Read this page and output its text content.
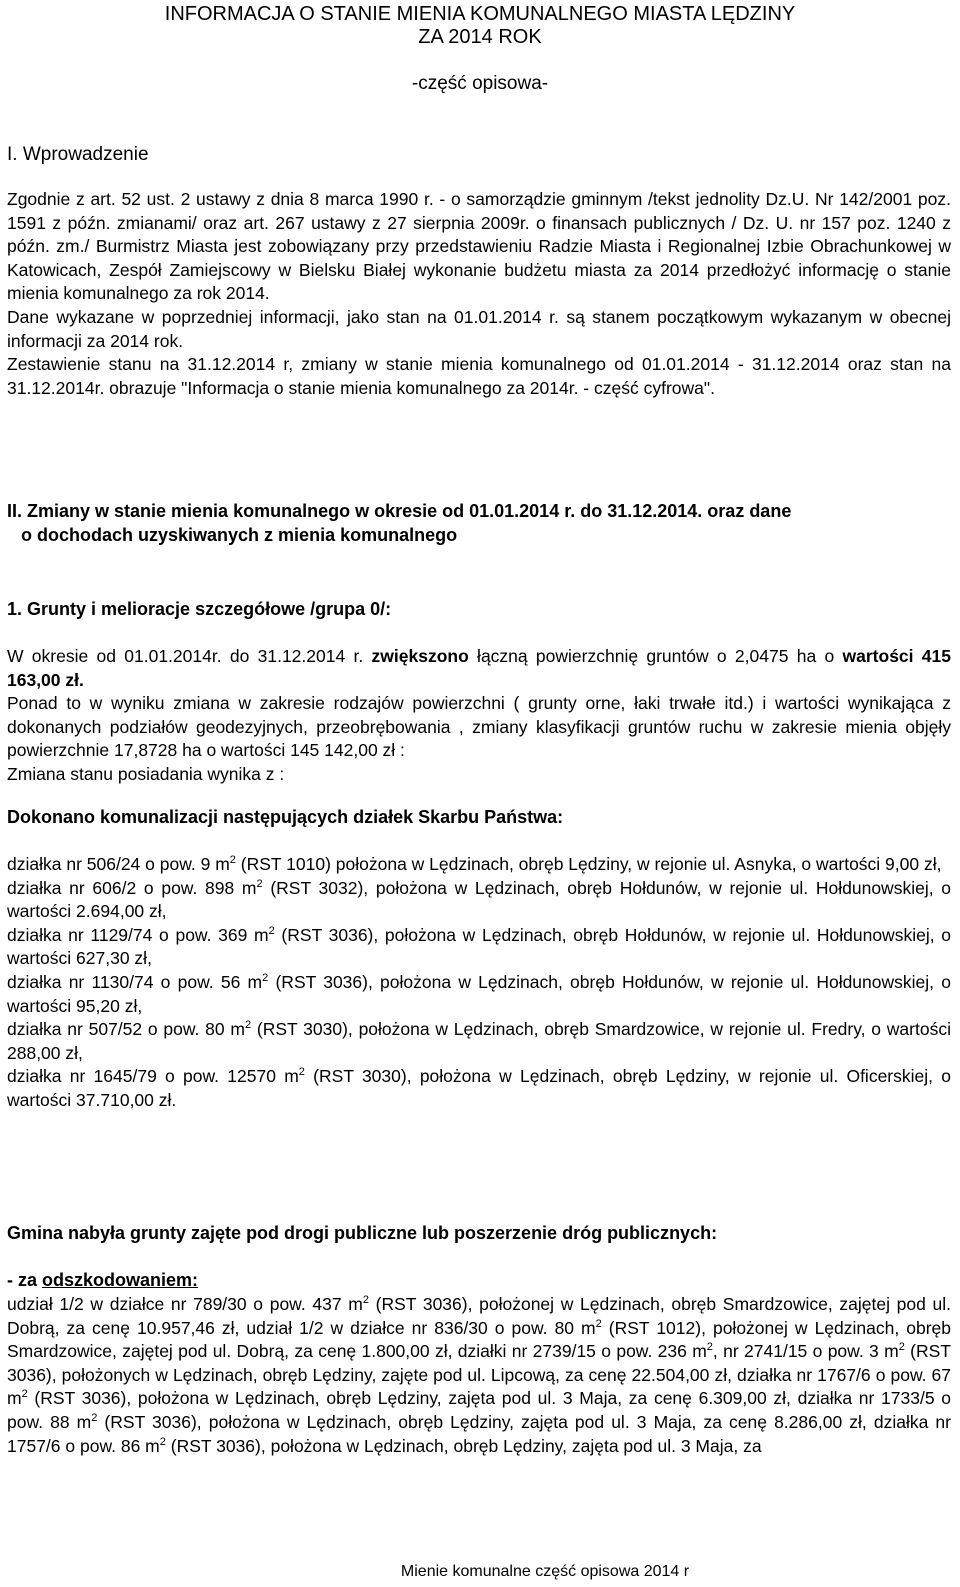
INFORMACJA O STANIE MIENIA KOMUNALNEGO MIASTA LĘDZINY
ZA 2014 ROK
-część opisowa-
I. Wprowadzenie

Zgodnie z art. 52 ust. 2 ustawy z dnia 8 marca 1990 r. - o samorządzie gminnym /tekst jednolity Dz.U. Nr 142/2001 poz. 1591 z późn. zmianami/ oraz art. 267 ustawy z 27 sierpnia 2009r. o finansach publicznych / Dz. U. nr 157 poz. 1240 z późn. zm./ Burmistrz Miasta jest zobowiązany przy przedstawieniu Radzie Miasta i Regionalnej Izbie Obrachunkowej w Katowicach, Zespół Zamiejscowy w Bielsku Białej wykonanie budżetu miasta za 2014 przedłożyć informację o stanie mienia komunalnego za rok 2014.

Dane wykazane w poprzedniej informacji, jako stan na 01.01.2014 r. są stanem początkowym wykazanym w obecnej informacji za 2014 rok.

Zestawienie stanu na 31.12.2014 r, zmiany w stanie mienia komunalnego od 01.01.2014 - 31.12.2014 oraz stan na 31.12.2014r. obrazuje "Informacja o stanie mienia komunalnego za 2014r. - część cyfrowa".

II. Zmiany w stanie mienia komunalnego w okresie od 01.01.2014 r. do 31.12.2014. oraz dane
o dochodach uzyskiwanych z mienia komunalnego
1. Grunty i melioracje szczegółowe /grupa 0/:

W okresie od 01.01.2014r. do 31.12.2014 r. zwiększono łączną powierzchnię gruntów o 2,0475 ha o wartości 415 163,00 zł.

Ponad to w wyniku zmiana w zakresie rodzajów powierzchni ( grunty orne, łaki trwałe itd.) i wartości wynikająca z dokonanych podziałów geodezyjnych, przeobrębowania , zmiany klasyfikacji gruntów ruchu w zakresie mienia objęły powierzchnie 17,8728 ha o wartości 145 142,00 zł :

Zmiana stanu posiadania wynika z :

Dokonano komunalizacji następujących działek Skarbu Państwa:

działka nr 506/24 o pow. 9 $m^2$ (RST 1010) położona w Lędzinach, obręb Lędziny, w rejonie ul. Asnyka, o wartości 9,00 zł,

działka nr 606/2 o pow. 898 $m^2$ (RST 3032), położona w Lędzinach, obręb Hołdunów, w rejonie ul. Hołdunowskiej, o wartości 2.694,00 zł,

działka nr 1129/74 o pow. 369 $m^2$ (RST 3036), położona w Lędzinach, obręb Hołdunów, w rejonie ul. Hołdunowskiej, o wartości 627,30 zł,

działka nr 1130/74 o pow. 56 $m^2$ (RST 3036), położona w Lędzinach, obręb Hołdunów, w rejonie ul. Hołdunowskiej, o wartości 95,20 zł,

działka nr 507/52 o pow. 80 $m^2$ (RST 3030), położona w Lędzinach, obręb Smardzowice, w rejonie ul. Fredry, o wartości 288,00 zł,

działka nr 1645/79 o pow. 12570 $m^2$ (RST 3030), położona w Lędzinach, obręb Lędziny, w rejonie ul. Oficerskiej, o wartości 37.710,00 zł.

Gmina nabyła grunty zajęte pod drogi publiczne lub poszerzenie dróg publicznych:
- za odszkodowaniem:

udział 1/2 w działce nr 789/30 o pow. 437 $m^2$ (RST 3036), położonej w Lędzinach, obręb Smardzowice, zajętej pod ul. Dobrą, za cenę 10.957,46 zł, udział 1/2 w działce nr 836/30 o pow. 80 $m^2$ (RST 1012), położonej w Lędzinach, obręb Smardzowice, zajętej pod ul. Dobrą, za cenę 1.800,00 zł, działki nr 2739/15 o pow. 236 $m^2$, nr 2741/15 o pow. 3 $m^2$ (RST 3036), położonych w Lędzinach, obręb Lędziny, zajęte pod ul. Lipcową, za cenę 22.504,00 zł, działka nr 1767/6 o pow. 67 $m^2$ (RST 3036), położona w Lędzinach, obręb Lędziny, zajęta pod ul. 3 Maja, za cenę 6.309,00 zł, działka nr 1733/5 o pow. 88 $m^2$ (RST 3036), położona w Lędzinach, obręb Lędziny, zajęta pod ul. 3 Maja, za cenę 8.286,00 zł, działka nr 1757/6 o pow. 86 $m^2$ (RST 3036), położona w Lędzinach, obręb Lędziny, zajęta pod ul. 3 Maja, za

Mienie komunalne część opisowa 2014 r
